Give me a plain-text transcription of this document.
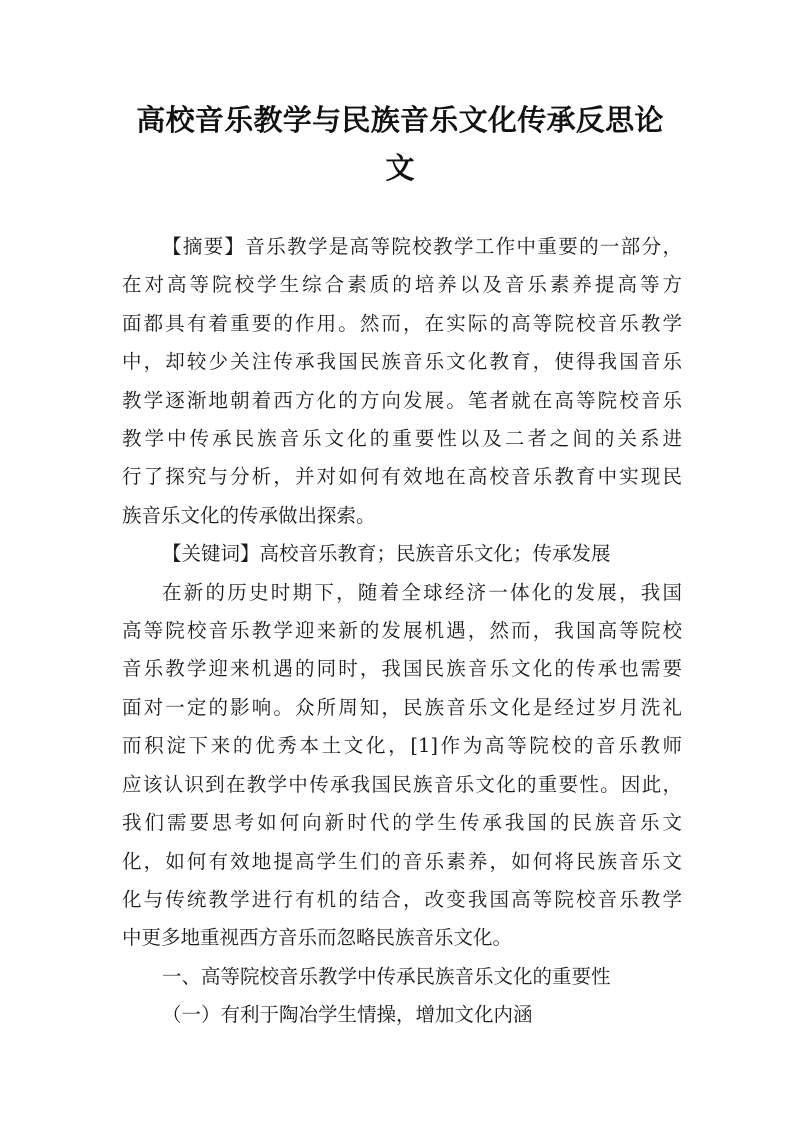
高校音乐教学与民族音乐文化传承反思论
文
【摘要】音乐教学是高等院校教学工作中重要的一部分，
在对高等院校学生综合素质的培养以及音乐素养提高等方
面都具有着重要的作用。然而，在实际的高等院校音乐教学
中，却较少关注传承我国民族音乐文化教育，使得我国音乐
教学逐渐地朝着西方化的方向发展。笔者就在高等院校音乐
教学中传承民族音乐文化的重要性以及二者之间的关系进
行了探究与分析，并对如何有效地在高校音乐教育中实现民
族音乐文化的传承做出探索。
【关键词】高校音乐教育；民族音乐文化；传承发展
在新的历史时期下，随着全球经济一体化的发展，我国
高等院校音乐教学迎来新的发展机遇，然而，我国高等院校
音乐教学迎来机遇的同时，我国民族音乐文化的传承也需要
面对一定的影响。众所周知，民族音乐文化是经过岁月洗礼
而积淀下来的优秀本土文化，[1]作为高等院校的音乐教师
应该认识到在教学中传承我国民族音乐文化的重要性。因此，
我们需要思考如何向新时代的学生传承我国的民族音乐文
化，如何有效地提高学生们的音乐素养，如何将民族音乐文
化与传统教学进行有机的结合，改变我国高等院校音乐教学
中更多地重视西方音乐而忽略民族音乐文化。
一、高等院校音乐教学中传承民族音乐文化的重要性
（一）有利于陶冶学生情操，增加文化内涵
